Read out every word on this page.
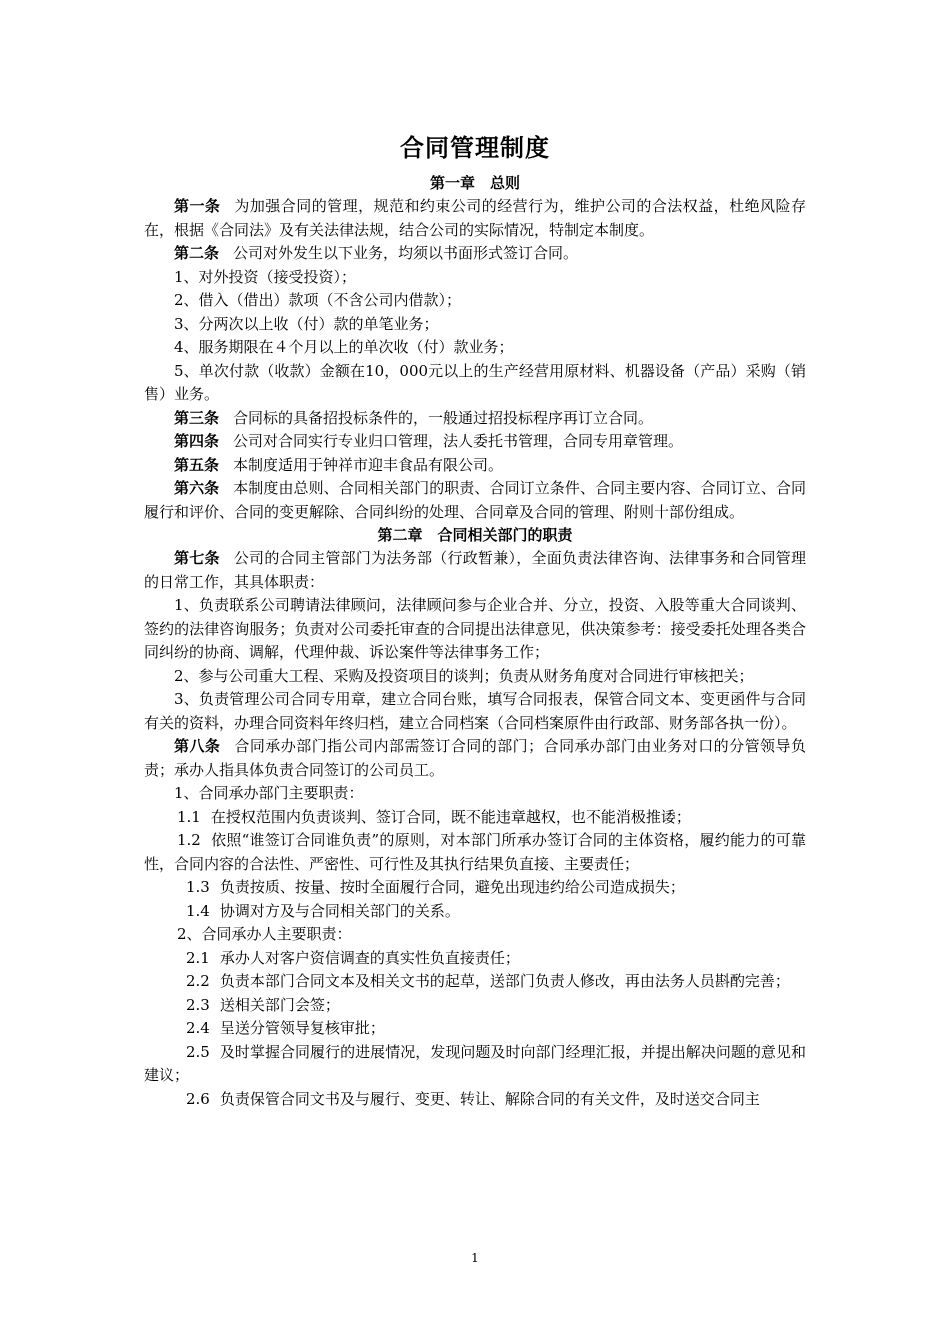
合同管理制度

第一章　总则

第一条 为加强合同的管理，规范和约束公司的经营行为，维护公司的合法权益，杜绝风险存在，根据《合同法》及有关法律法规，结合公司的实际情况，特制定本制度。

第二条 公司对外发生以下业务，均须以书面形式签订合同。

1、对外投资（接受投资）；

2、借入（借出）款项（不含公司内借款）；

3、分两次以上收（付）款的单笔业务；

4、服务期限在４个月以上的单次收（付）款业务；

5、单次付款（收款）金额在10，000元以上的生产经营用原材料、机器设备（产品）采购（销售）业务。

第三条 合同标的具备招投标条件的，一般通过招投标程序再订立合同。

第四条 公司对合同实行专业归口管理，法人委托书管理，合同专用章管理。

第五条 本制度适用于钟祥市迎丰食品有限公司。

第六条 本制度由总则、合同相关部门的职责、合同订立条件、合同主要内容、合同订立、合同履行和评价、合同的变更解除、合同纠纷的处理、合同章及合同的管理、附则十部份组成。

第二章　合同相关部门的职责

第七条 公司的合同主管部门为法务部（行政暂兼），全面负责法律咨询、法律事务和合同管理的日常工作，其具体职责：

1、负责联系公司聘请法律顾问，法律顾问参与企业合并、分立，投资、入股等重大合同谈判、签约的法律咨询服务；负责对公司委托审查的合同提出法律意见，供决策参考：接受委托处理各类合同纠纷的协商、调解，代理仲裁、诉讼案件等法律事务工作；

2、参与公司重大工程、采购及投资项目的谈判；负责从财务角度对合同进行审核把关；

3、负责管理公司合同专用章，建立合同台账，填写合同报表，保管合同文本、变更函件与合同有关的资料，办理合同资料年终归档，建立合同档案（合同档案原件由行政部、财务部各执一份）。

第八条 合同承办部门指公司内部需签订合同的部门；合同承办部门由业务对口的分管领导负责；承办人指具体负责合同签订的公司员工。

1、合同承办部门主要职责：

1.1 在授权范围内负责谈判、签订合同，既不能违章越权，也不能消极推诿；

1.2 依照“谁签订合同谁负责”的原则，对本部门所承办签订合同的主体资格，履约能力的可靠性，合同内容的合法性、严密性、可行性及其执行结果负直接、主要责任；

1.3 负责按质、按量、按时全面履行合同，避免出现违约给公司造成损失；

1.4 协调对方及与合同相关部门的关系。

2、合同承办人主要职责：

2.1 承办人对客户资信调查的真实性负直接责任；

2.2 负责本部门合同文本及相关文书的起草，送部门负责人修改，再由法务人员斟酌完善；

2.3 送相关部门会签；

2.4 呈送分管领导复核审批；

2.5 及时掌握合同履行的进展情况，发现问题及时向部门经理汇报，并提出解决问题的意见和建议；

2.6 负责保管合同文书及与履行、变更、转让、解除合同的有关文件，及时送交合同主

1
